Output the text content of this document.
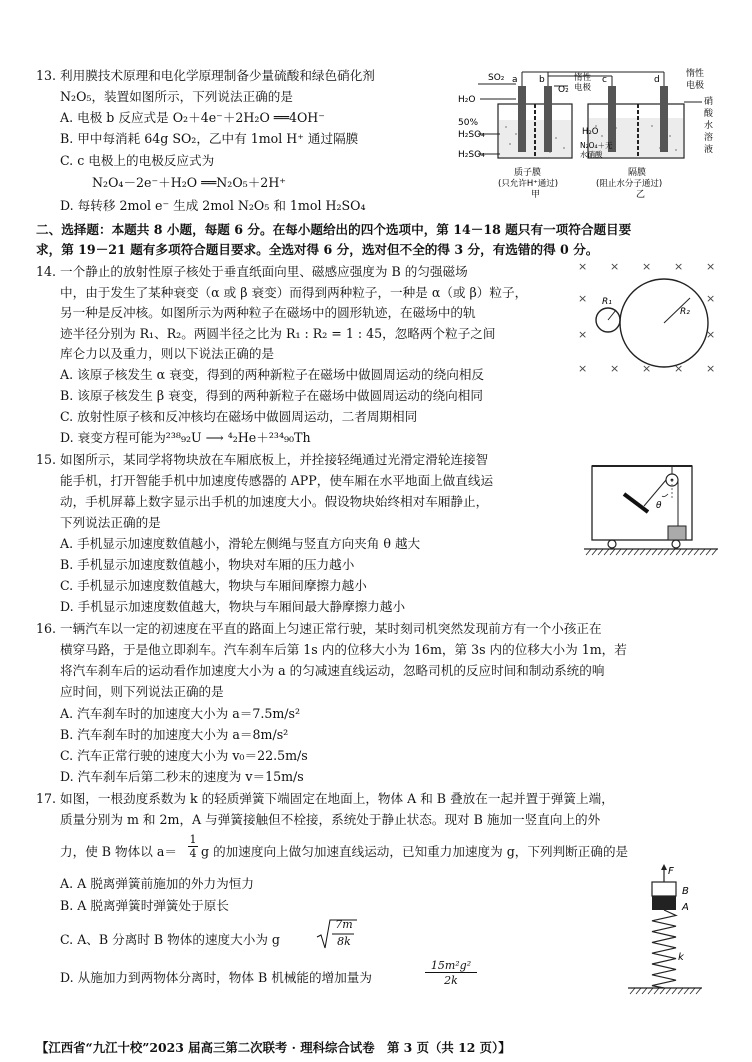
13. 利用膜技术原理和电化学原理制备少量硫酸和绿色硝化剂
N₂O₅，装置如图所示，下列说法正确的是
A. 电极 b 反应式是 O₂＋4e⁻＋2H₂O ══4OH⁻
B. 甲中每消耗 64g SO₂，乙中有 1mol H⁺ 通过隔膜
C. c 电极上的电极反应式为
N₂O₄－2e⁻＋H₂O ══N₂O₅＋2H⁺
D. 每转移 2mol e⁻ 生成 2mol N₂O₅ 和 1mol H₂SO₄
SO₂ a b
O₂
H₂O
50%
H₂SO₄
H₂SO₄
惰性
电极
c	d
惰性
电极
H₂O
N₂O₄＋无
水硝酸
硝
酸
水
溶
液
质子膜
(只允许H⁺通过)
甲
隔膜
(阻止水分子通过)
乙
二、选择题：本题共 8 小题，每题 6 分。在每小题给出的四个选项中，第 14－18 题只有一项符合题目要
求，第 19－21 题有多项符合题目要求。全选对得 6 分，选对但不全的得 3 分，有选错的得 0 分。
14. 一个静止的放射性原子核处于垂直纸面向里、磁感应强度为 B 的匀强磁场
中，由于发生了某种衰变（α 或 β 衰变）而得到两种粒子，一种是 α（或 β）粒子，
另一种是反冲核。如图所示为两种粒子在磁场中的圆形轨迹，在磁场中的轨
迹半径分别为 R₁、R₂。两圆半径之比为 R₁ : R₂ = 1 : 45，忽略两个粒子之间
库仑力以及重力，则以下说法正确的是
A. 该原子核发生 α 衰变，得到的两种新粒子在磁场中做圆周运动的绕向相反
B. 该原子核发生 β 衰变，得到的两种新粒子在磁场中做圆周运动的绕向相同
C. 放射性原子核和反冲核均在磁场中做圆周运动，二者周期相同
D. 衰变方程可能为²³⁸₉₂U ⟶ ⁴₂He＋²³⁴₉₀Th
× × × × ×
×	×
×	×
× × × × ×
R₁
R₂
15. 如图所示，某同学将物块放在车厢底板上，并拴接轻绳通过光滑定滑轮连接智
能手机，打开智能手机中加速度传感器的 APP，使车厢在水平地面上做直线运
动，手机屏幕上数字显示出手机的加速度大小。假设物块始终相对车厢静止，
下列说法正确的是
A. 手机显示加速度数值越小，滑轮左侧绳与竖直方向夹角 θ 越大
B. 手机显示加速度数值越小，物块对车厢的压力越小
C. 手机显示加速度数值越大，物块与车厢间摩擦力越小
D. 手机显示加速度数值越大，物块与车厢间最大静摩擦力越小
θ
16. 一辆汽车以一定的初速度在平直的路面上匀速正常行驶，某时刻司机突然发现前方有一个小孩正在
横穿马路，于是他立即刹车。汽车刹车后第 1s 内的位移大小为 16m，第 3s 内的位移大小为 1m，若
将汽车刹车后的运动看作加速度大小为 a 的匀减速直线运动，忽略司机的反应时间和制动系统的响
应时间，则下列说法正确的是
A. 汽车刹车时的加速度大小为 a＝7.5m/s²
B. 汽车刹车时的加速度大小为 a＝8m/s²
C. 汽车正常行驶的速度大小为 v₀＝22.5m/s
D. 汽车刹车后第二秒末的速度为 v＝15m/s
17. 如图，一根劲度系数为 k 的轻质弹簧下端固定在地面上，物体 A 和 B 叠放在一起并置于弹簧上端，
质量分别为 m 和 2m，A 与弹簧接触但不栓接，系统处于静止状态。现对 B 施加一竖直向上的外
力，使 B 物体以 a＝
1
4 g 的加速度向上做匀加速直线运动，已知重力加速度为 g，下列判断正确的是
A. A 脱离弹簧前施加的外力为恒力
B. A 脱离弹簧时弹簧处于原长
C. A、B 分离时 B 物体的速度大小为 g
7m
8k
D. 从施加力到两物体分离时，物体 B 机械能的增加量为
15m²g²
2k
F
B
A
k
【江西省“九江十校”2023 届高三第二次联考 · 理科综合试卷　第 3 页（共 12 页）】
